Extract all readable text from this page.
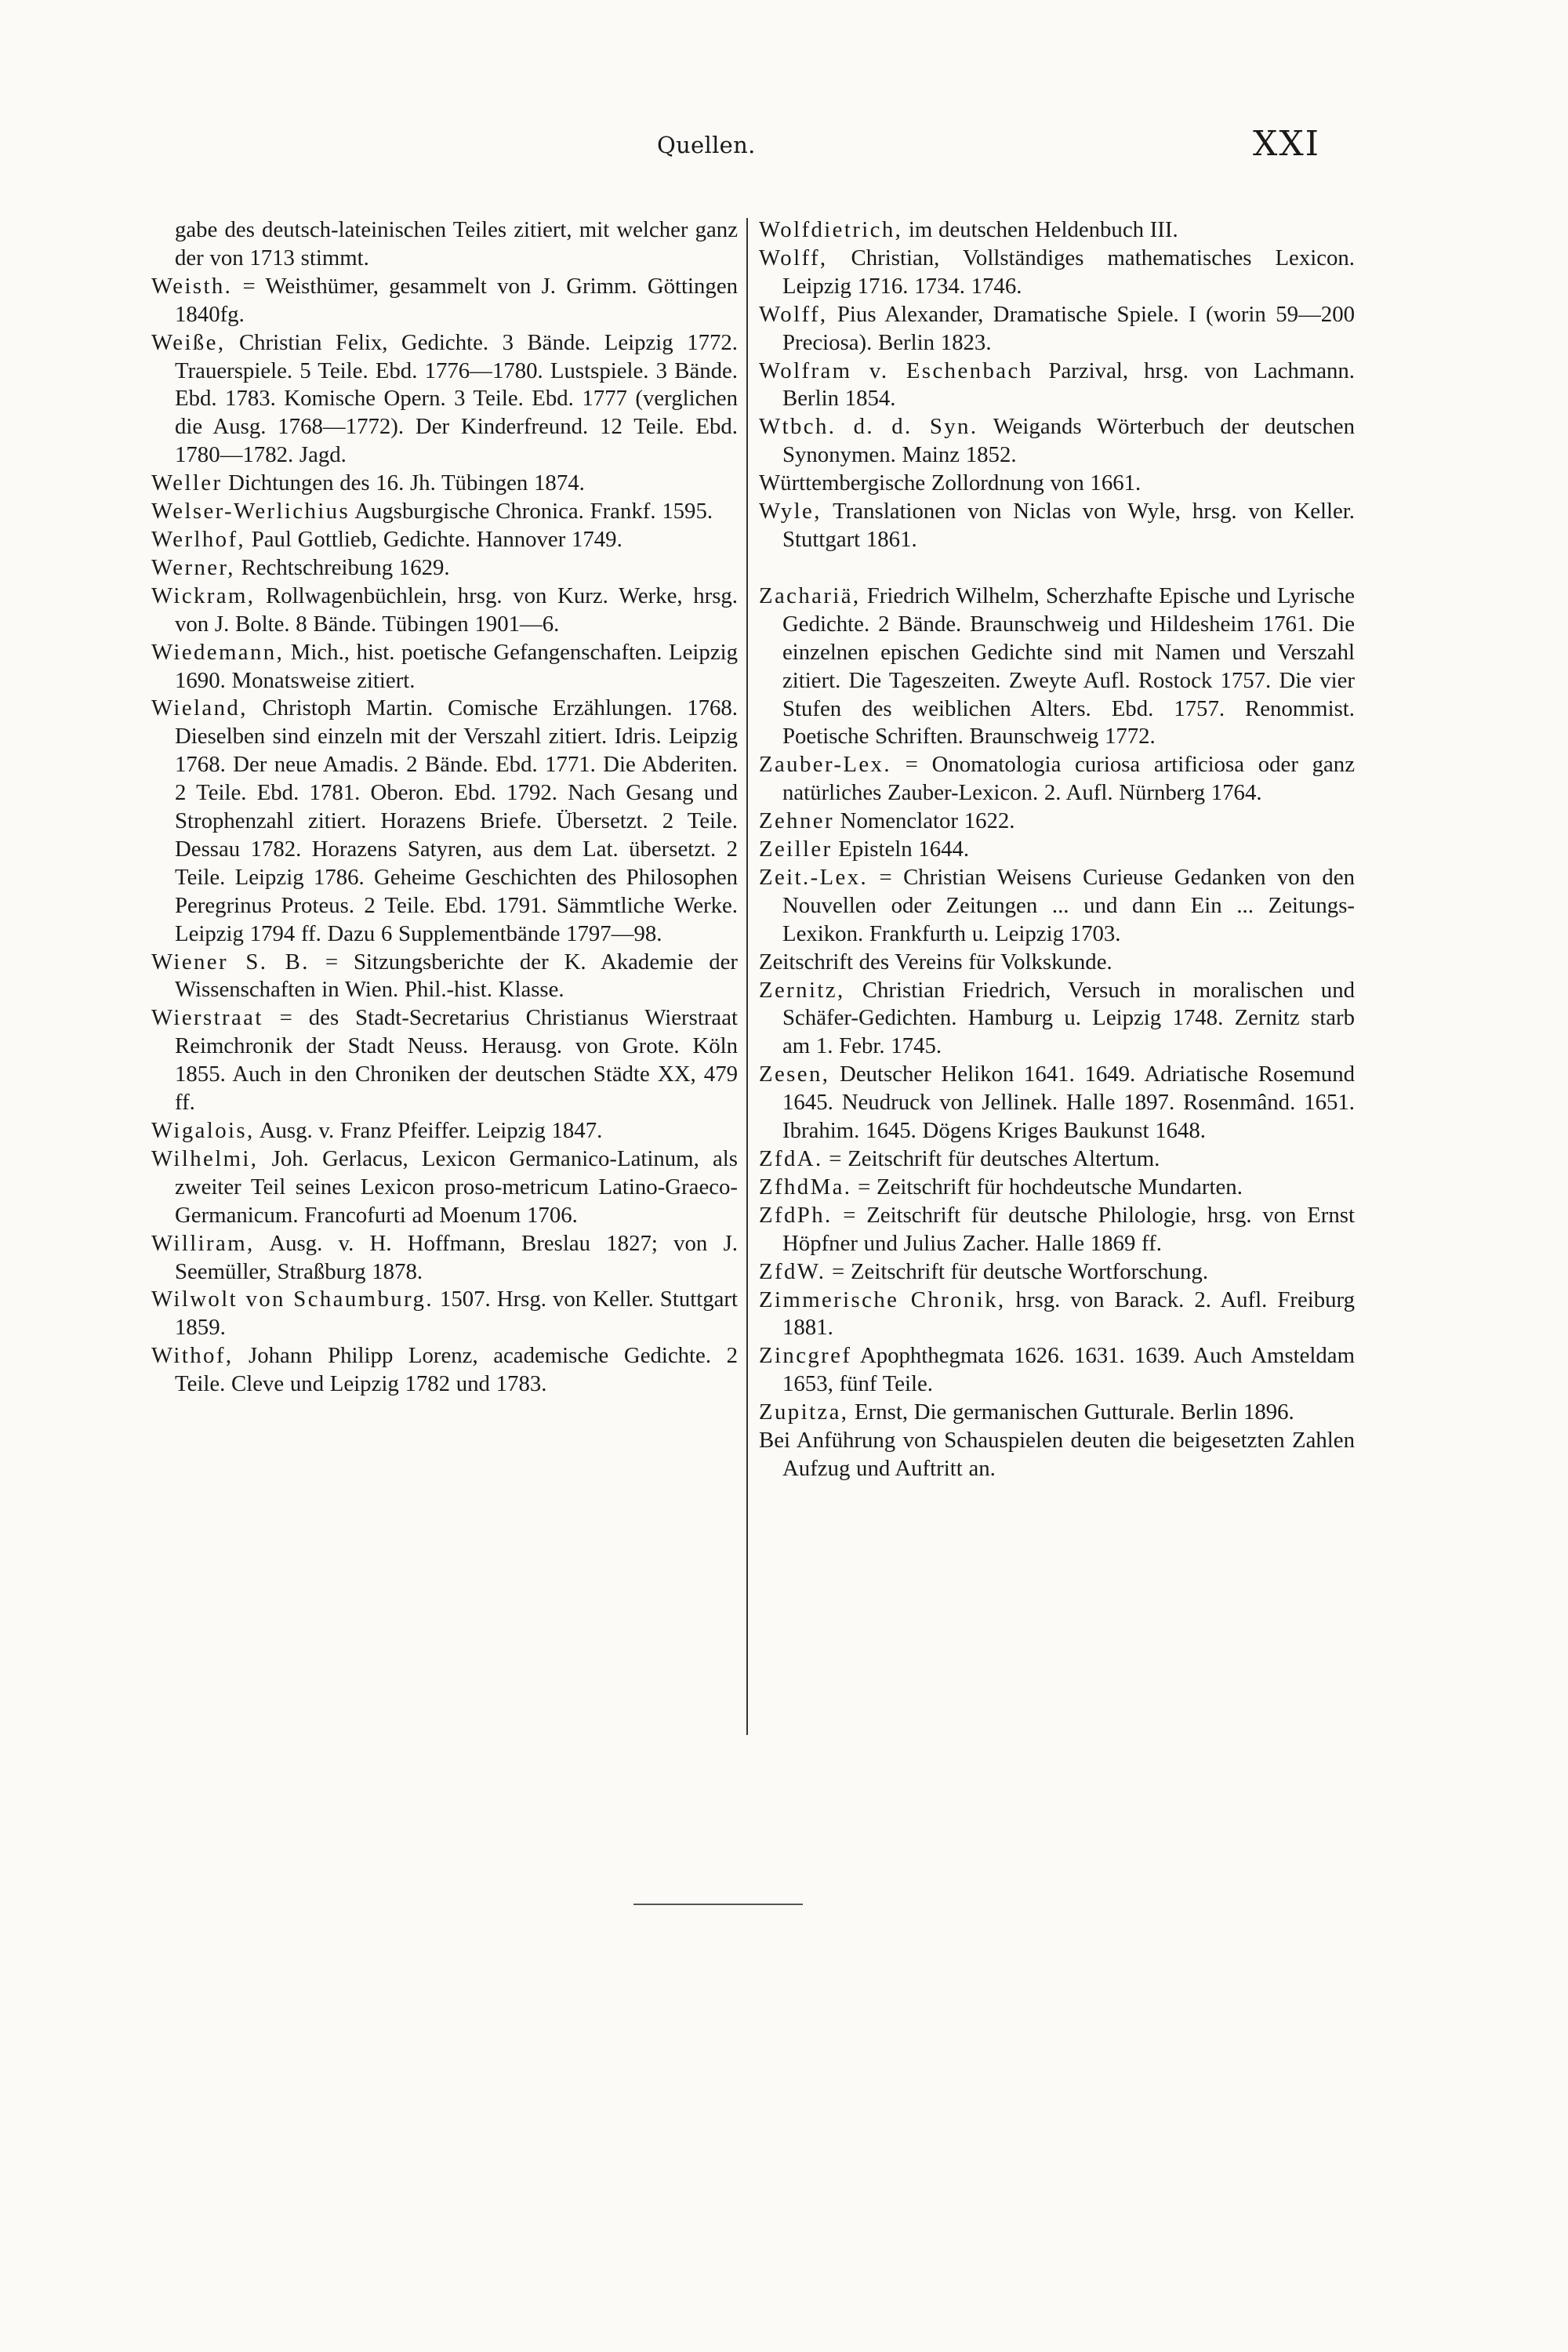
Quellen.	XXI
gabe des deutsch-lateinischen Teiles zitiert, mit welcher ganz der von 1713 stimmt.
Weisth. = Weisthümer, gesammelt von J. Grimm. Göttingen 1840fg.
Weiße, Christian Felix, Gedichte. 3 Bände. Leipzig 1772. Trauerspiele. 5 Teile. Ebd. 1776—1780. Lustspiele. 3 Bände. Ebd. 1783. Komische Opern. 3 Teile. Ebd. 1777 (verglichen die Ausg. 1768—1772). Der Kinderfreund. 12 Teile. Ebd. 1780—1782. Jagd.
Weller Dichtungen des 16. Jh. Tübingen 1874.
Welser-Werlichius Augsburgische Chronica. Frankf. 1595.
Werlhof, Paul Gottlieb, Gedichte. Hannover 1749.
Werner, Rechtschreibung 1629.
Wickram, Rollwagenbüchlein, hrsg. von Kurz. Werke, hrsg. von J. Bolte. 8 Bände. Tübingen 1901—6.
Wiedemann, Mich., hist. poetische Gefangenschaften. Leipzig 1690. Monatsweise zitiert.
Wieland, Christoph Martin. Comische Erzählungen. 1768. Dieselben sind einzeln mit der Verszahl zitiert. Idris. Leipzig 1768. Der neue Amadis. 2 Bände. Ebd. 1771. Die Abderiten. 2 Teile. Ebd. 1781. Oberon. Ebd. 1792. Nach Gesang und Strophenzahl zitiert. Horazens Briefe. Übersetzt. 2 Teile. Dessau 1782. Horazens Satyren, aus dem Lat. übersetzt. 2 Teile. Leipzig 1786. Geheime Geschichten des Philosophen Peregrinus Proteus. 2 Teile. Ebd. 1791. Sämmtliche Werke. Leipzig 1794 ff. Dazu 6 Supplementbände 1797—98.
Wiener S. B. = Sitzungsberichte der K. Akademie der Wissenschaften in Wien. Phil.-hist. Klasse.
Wierstraat = des Stadt-Secretarius Christianus Wierstraat Reimchronik der Stadt Neuss. Herausg. von Grote. Köln 1855. Auch in den Chroniken der deutschen Städte XX, 479 ff.
Wigalois, Ausg. v. Franz Pfeiffer. Leipzig 1847.
Wilhelmi, Joh. Gerlacus, Lexicon Germanico-Latinum, als zweiter Teil seines Lexicon proso-metricum Latino-Graeco-Germanicum. Francofurti ad Moenum 1706.
Williram, Ausg. v. H. Hoffmann, Breslau 1827; von J. Seemüller, Straßburg 1878.
Wilwolt von Schaumburg. 1507. Hrsg. von Keller. Stuttgart 1859.
Withof, Johann Philipp Lorenz, academische Gedichte. 2 Teile. Cleve und Leipzig 1782 und 1783.
Wolfdietrich, im deutschen Heldenbuch III.
Wolff, Christian, Vollständiges mathematisches Lexicon. Leipzig 1716. 1734. 1746.
Wolff, Pius Alexander, Dramatische Spiele. I (worin 59—200 Preciosa). Berlin 1823.
Wolfram v. Eschenbach Parzival, hrsg. von Lachmann. Berlin 1854.
Wtbch. d. d. Syn. Weigands Wörterbuch der deutschen Synonymen. Mainz 1852.
Württembergische Zollordnung von 1661.
Wyle, Translationen von Niclas von Wyle, hrsg. von Keller. Stuttgart 1861.
Zachariä, Friedrich Wilhelm, Scherzhafte Epische und Lyrische Gedichte. 2 Bände. Braunschweig und Hildesheim 1761. Die einzelnen epischen Gedichte sind mit Namen und Verszahl zitiert. Die Tageszeiten. Zweyte Aufl. Rostock 1757. Die vier Stufen des weiblichen Alters. Ebd. 1757. Renommist. Poetische Schriften. Braunschweig 1772.
Zauber-Lex. = Onomatologia curiosa artificiosa oder ganz natürliches Zauber-Lexicon. 2. Aufl. Nürnberg 1764.
Zehner Nomenclator 1622.
Zeiller Episteln 1644.
Zeit.-Lex. = Christian Weisens Curieuse Gedanken von den Nouvellen oder Zeitungen ... und dann Ein ... Zeitungs-Lexikon. Frankfurth u. Leipzig 1703.
Zeitschrift des Vereins für Volkskunde.
Zernitz, Christian Friedrich, Versuch in moralischen und Schäfer-Gedichten. Hamburg u. Leipzig 1748. Zernitz starb am 1. Febr. 1745.
Zesen, Deutscher Helikon 1641. 1649. Adriatische Rosemund 1645. Neudruck von Jellinek. Halle 1897. Rosenmând. 1651. Ibrahim. 1645. Dögens Kriges Baukunst 1648.
ZfdA. = Zeitschrift für deutsches Altertum.
ZfhdMa. = Zeitschrift für hochdeutsche Mundarten.
ZfdPh. = Zeitschrift für deutsche Philologie, hrsg. von Ernst Höpfner und Julius Zacher. Halle 1869 ff.
ZfdW. = Zeitschrift für deutsche Wortforschung.
Zimmerische Chronik, hrsg. von Barack. 2. Aufl. Freiburg 1881.
Zincgref Apophthegmata 1626. 1631. 1639. Auch Amsteldam 1653, fünf Teile.
Zupitza, Ernst, Die germanischen Gutturale. Berlin 1896.
Bei Anführung von Schauspielen deuten die beigesetzten Zahlen Aufzug und Auftritt an.
